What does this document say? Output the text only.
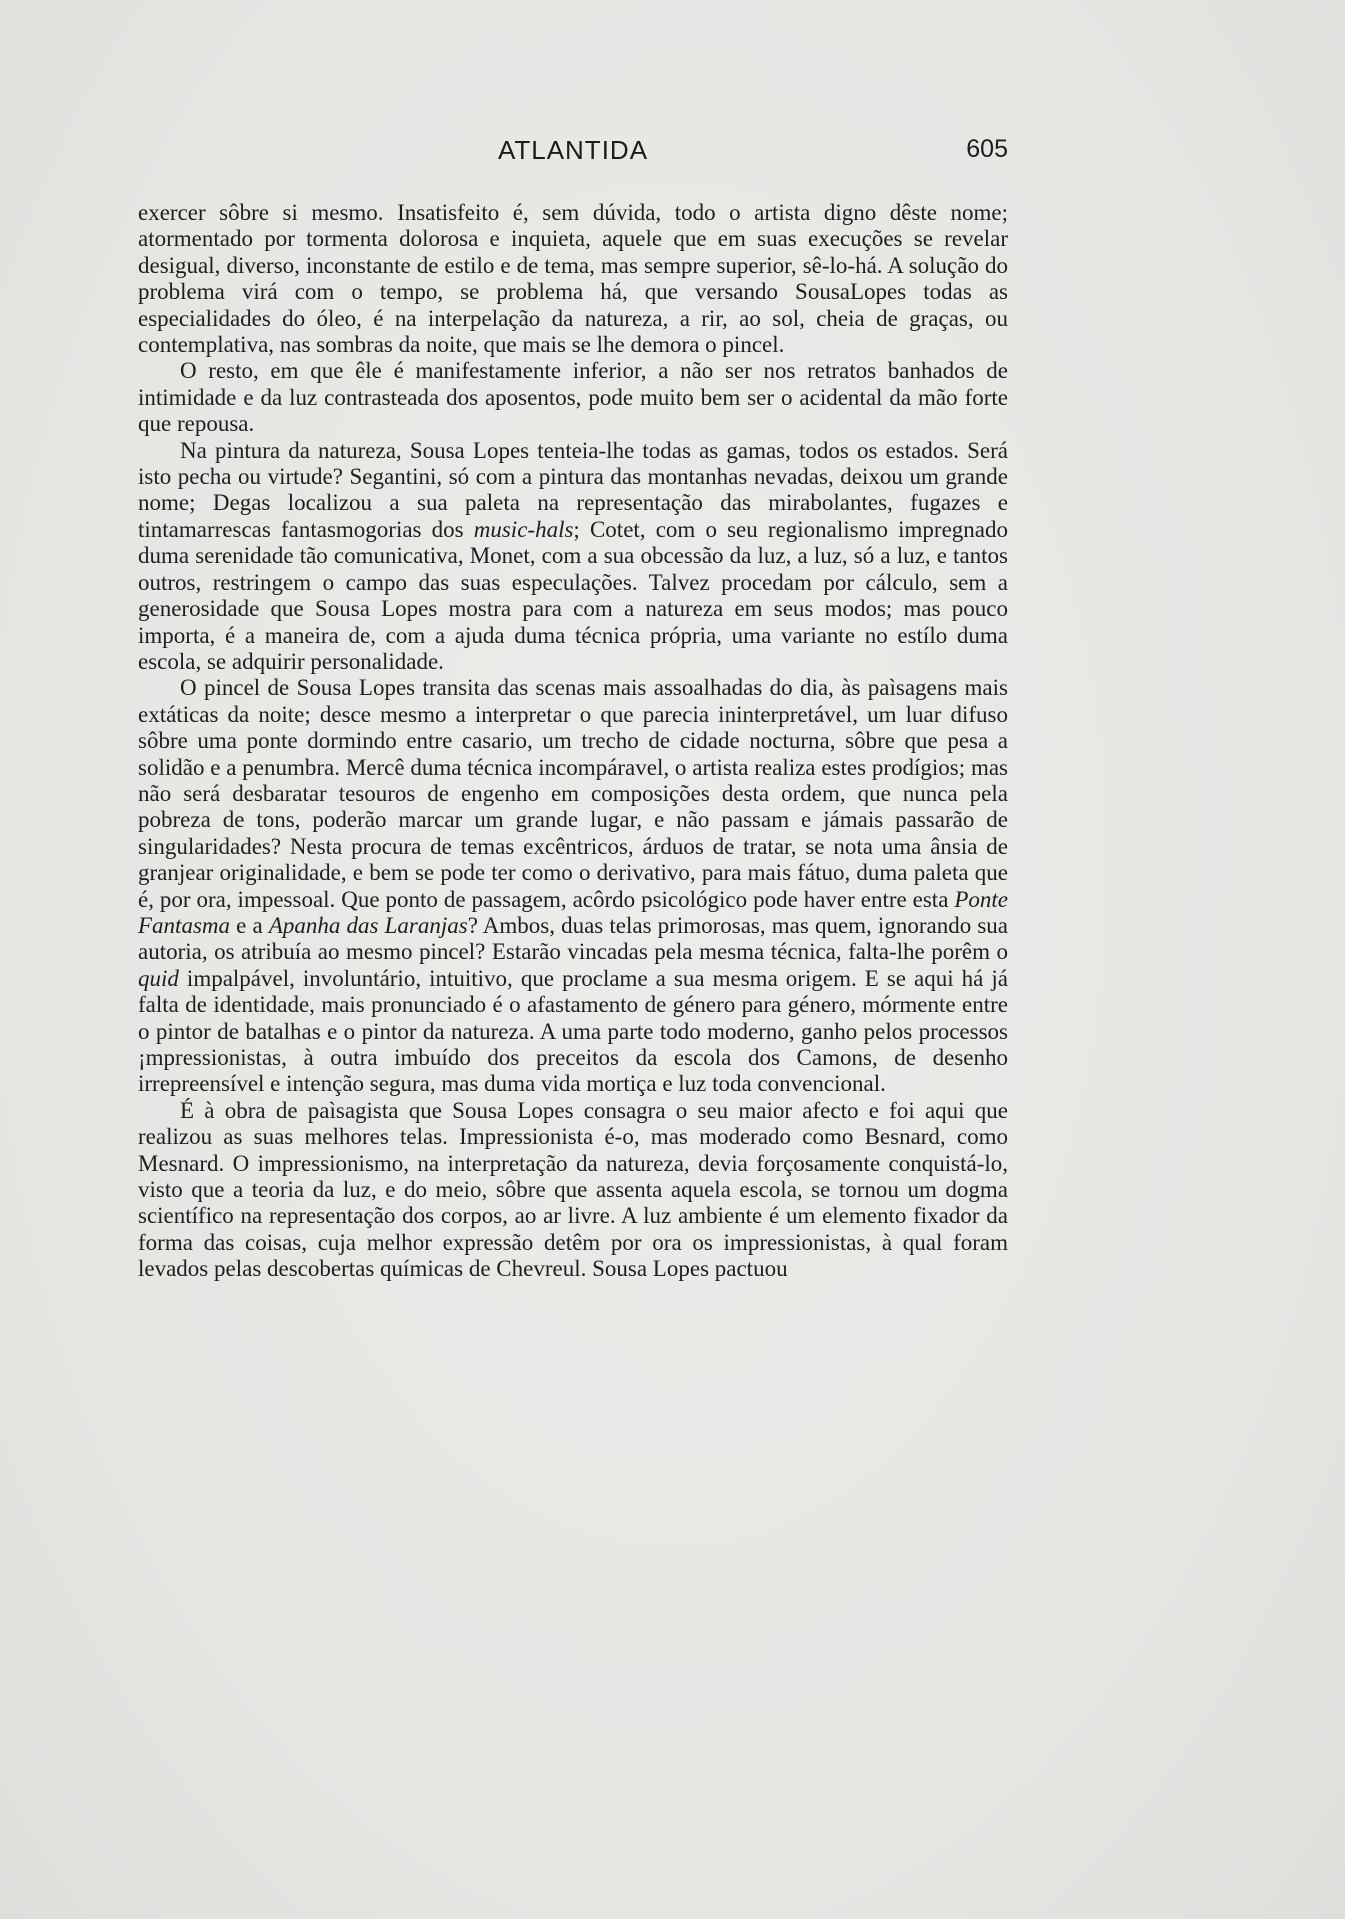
ATLANTIDA	605

exercer sôbre si mesmo. Insatisfeito é, sem dúvida, todo o artista digno dêste nome; atormentado por tormenta dolorosa e inquieta, aquele que em suas execuções se revelar desigual, diverso, inconstante de estilo e de tema, mas sempre superior, sê-lo-há. A solução do problema virá com o tempo, se problema há, que versando SousaLopes todas as especialidades do óleo, é na interpelação da natureza, a rir, ao sol, cheia de graças, ou contemplativa, nas sombras da noite, que mais se lhe demora o pincel.

O resto, em que êle é manifestamente inferior, a não ser nos retratos banhados de intimidade e da luz contrasteada dos aposentos, pode muito bem ser o acidental da mão forte que repousa.

Na pintura da natureza, Sousa Lopes tenteia-lhe todas as gamas, todos os estados. Será isto pecha ou virtude? Segantini, só com a pintura das montanhas nevadas, deixou um grande nome; Degas localizou a sua paleta na representação das mirabolantes, fugazes e tintamarrescas fantasmogorias dos music-hals; Cotet, com o seu regionalismo impregnado duma serenidade tão comunicativa, Monet, com a sua obcessão da luz, a luz, só a luz, e tantos outros, restringem o campo das suas especulações. Talvez procedam por cálculo, sem a generosidade que Sousa Lopes mostra para com a natureza em seus modos; mas pouco importa, é a maneira de, com a ajuda duma técnica própria, uma variante no estílo duma escola, se adquirir personalidade.

O pincel de Sousa Lopes transita das scenas mais assoalhadas do dia, às paìsagens mais extáticas da noite; desce mesmo a interpretar o que parecia ininterpretável, um luar difuso sôbre uma ponte dormindo entre casario, um trecho de cidade nocturna, sôbre que pesa a solidão e a penumbra. Mercê duma técnica incompáravel, o artista realiza estes prodígios; mas não será desbaratar tesouros de engenho em composições desta ordem, que nunca pela pobreza de tons, poderão marcar um grande lugar, e não passam e jámais passarão de singularidades? Nesta procura de temas excêntricos, árduos de tratar, se nota uma ânsia de granjear originalidade, e bem se pode ter como o derivativo, para mais fátuo, duma paleta que é, por ora, impessoal. Que ponto de passagem, acôrdo psicológico pode haver entre esta Ponte Fantasma e a Apanha das Laranjas? Ambos, duas telas primorosas, mas quem, ignorando sua autoria, os atribuía ao mesmo pincel? Estarão vincadas pela mesma técnica, falta-lhe porêm o quid impalpável, involuntário, intuitivo, que proclame a sua mesma origem. E se aqui há já falta de identidade, mais pronunciado é o afastamento de género para género, mórmente entre o pintor de batalhas e o pintor da natureza. A uma parte todo moderno, ganho pelos processos ¡mpressionistas, à outra imbuído dos preceitos da escola dos Camons, de desenho irrepreensível e intenção segura, mas duma vida mortiça e luz toda convencional.

É à obra de paìsagista que Sousa Lopes consagra o seu maior afecto e foi aqui que realizou as suas melhores telas. Impressionista é-o, mas moderado como Besnard, como Mesnard. O impressionismo, na interpretação da natureza, devia forçosamente conquistá-lo, visto que a teoria da luz, e do meio, sôbre que assenta aquela escola, se tornou um dogma scientífico na representação dos corpos, ao ar livre. A luz ambiente é um elemento fixador da forma das coisas, cuja melhor expressão detêm por ora os impressionistas, à qual foram levados pelas descobertas químicas de Chevreul. Sousa Lopes pactuou
